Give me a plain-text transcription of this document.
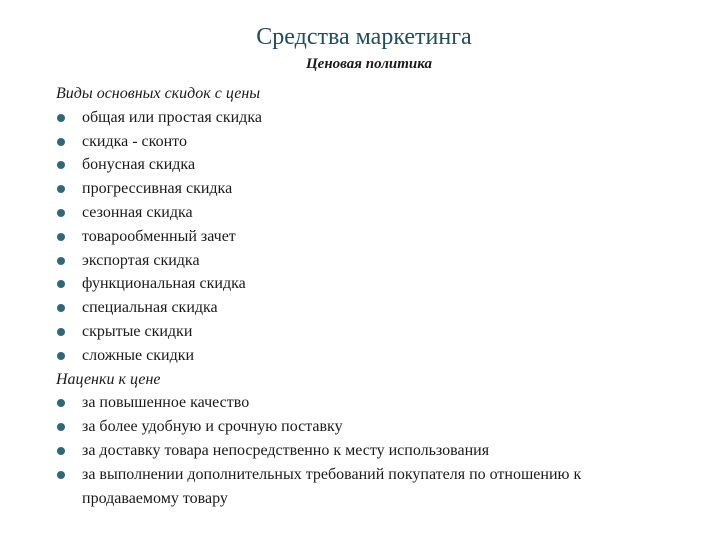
Средства маркетинга
Ценовая политика

Виды основных скидок с цены

общая или простая скидка
скидка - сконто
бонусная скидка
прогрессивная скидка
сезонная скидка
товарообменный зачет
экспортая скидка
функциональная скидка
специальная скидка
скрытые скидки
сложные скидки

Наценки к цене

за повышенное качество
за более удобную и срочную поставку
за доставку товара непосредственно к месту использования
за выполнении дополнительных требований покупателя по отношению к продаваемому товару
